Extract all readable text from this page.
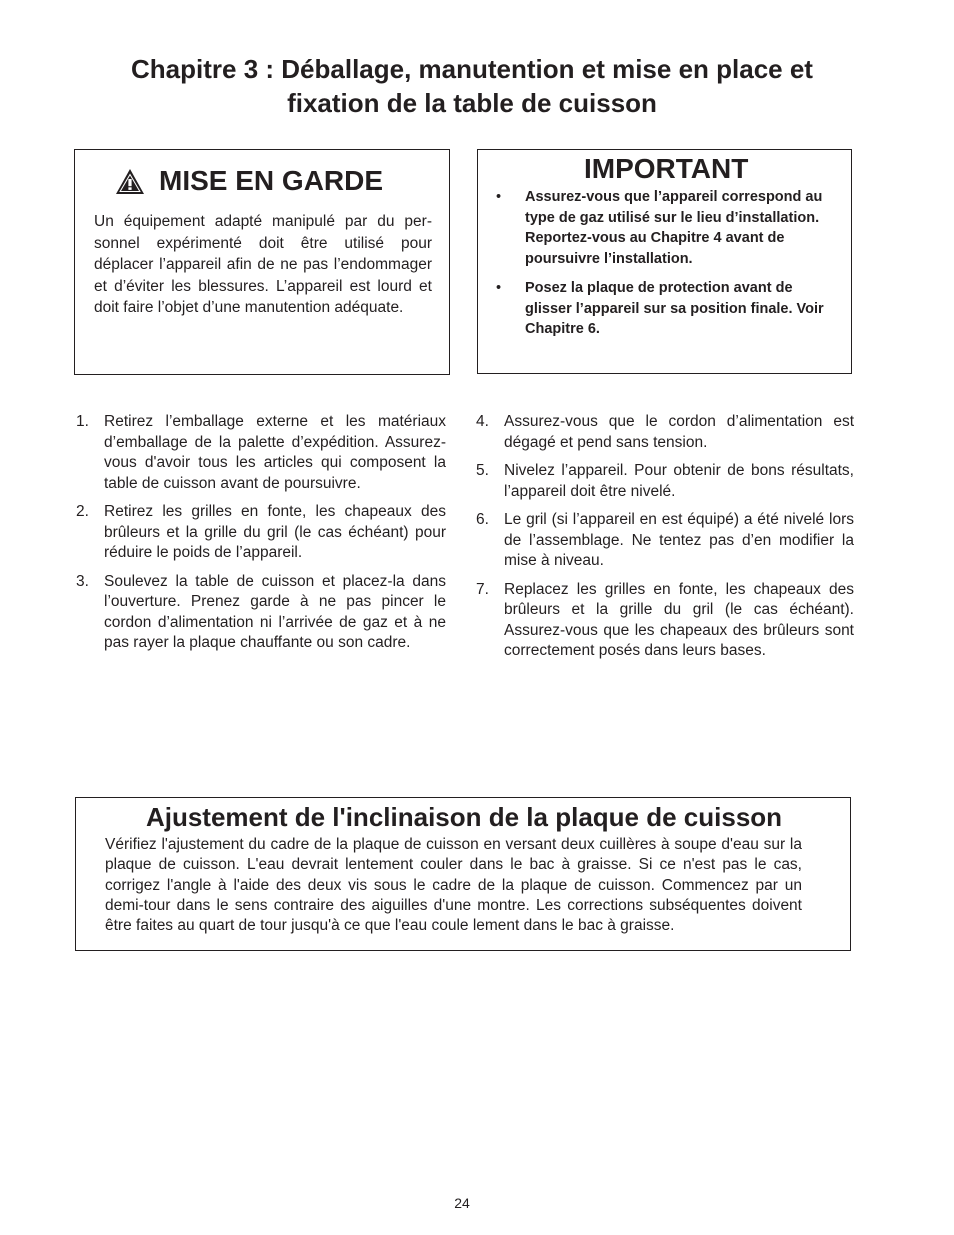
Chapitre 3 : Déballage, manutention et mise en place et
fixation de la table de cuisson
MISE EN GARDE

Un équipement adapté manipulé par du per-sonnel expérimenté doit être utilisé pour déplacer l’appareil afin de ne pas l’endommager et d’éviter les blessures. L’appareil est lourd et doit faire l’objet d’une manutention adéquate.

IMPORTANT
• Assurez-vous que l’appareil correspond au type de gaz utilisé sur le lieu d’installation. Reportez-vous au Chapitre 4 avant de poursuivre l’installation.
• Posez la plaque de protection avant de glisser l’appareil sur sa position finale. Voir Chapitre 6.
1. Retirez l’emballage externe et les matériaux d’emballage de la palette d’expédition. Assurez-vous d'avoir tous les articles qui composent la table de cuisson avant de poursuivre.
2. Retirez les grilles en fonte, les chapeaux des brûleurs et la grille du gril (le cas échéant) pour réduire le poids de l’appareil.
3. Soulevez la table de cuisson et placez-la dans l’ouverture. Prenez garde à ne pas pincer le cordon d’alimentation ni l’arrivée de gaz et à ne pas rayer la plaque chauffante ou son cadre.
4. Assurez-vous que le cordon d’alimentation est dégagé et pend sans tension.
5. Nivelez l’appareil. Pour obtenir de bons résultats, l’appareil doit être nivelé.
6. Le gril (si l’appareil en est équipé) a été nivelé lors de l’assemblage. Ne tentez pas d’en modifier la mise à niveau.
7. Replacez les grilles en fonte, les chapeaux des brûleurs et la grille du gril (le cas échéant). Assurez-vous que les chapeaux des brûleurs sont correctement posés dans leurs bases.
Ajustement de l'inclinaison de la plaque de cuisson

Vérifiez l'ajustement du cadre de la plaque de cuisson en versant deux cuillères à soupe d'eau sur la plaque de cuisson. L'eau devrait lentement couler dans le bac à graisse. Si ce n'est pas le cas, corrigez l'angle à l'aide des deux vis sous le cadre de la plaque de cuisson. Commencez par un demi-tour dans le sens contraire des aiguilles d'une montre. Les corrections subséquentes doivent être faites au quart de tour jusqu'à ce que l'eau coule lement dans le bac à graisse.

24
